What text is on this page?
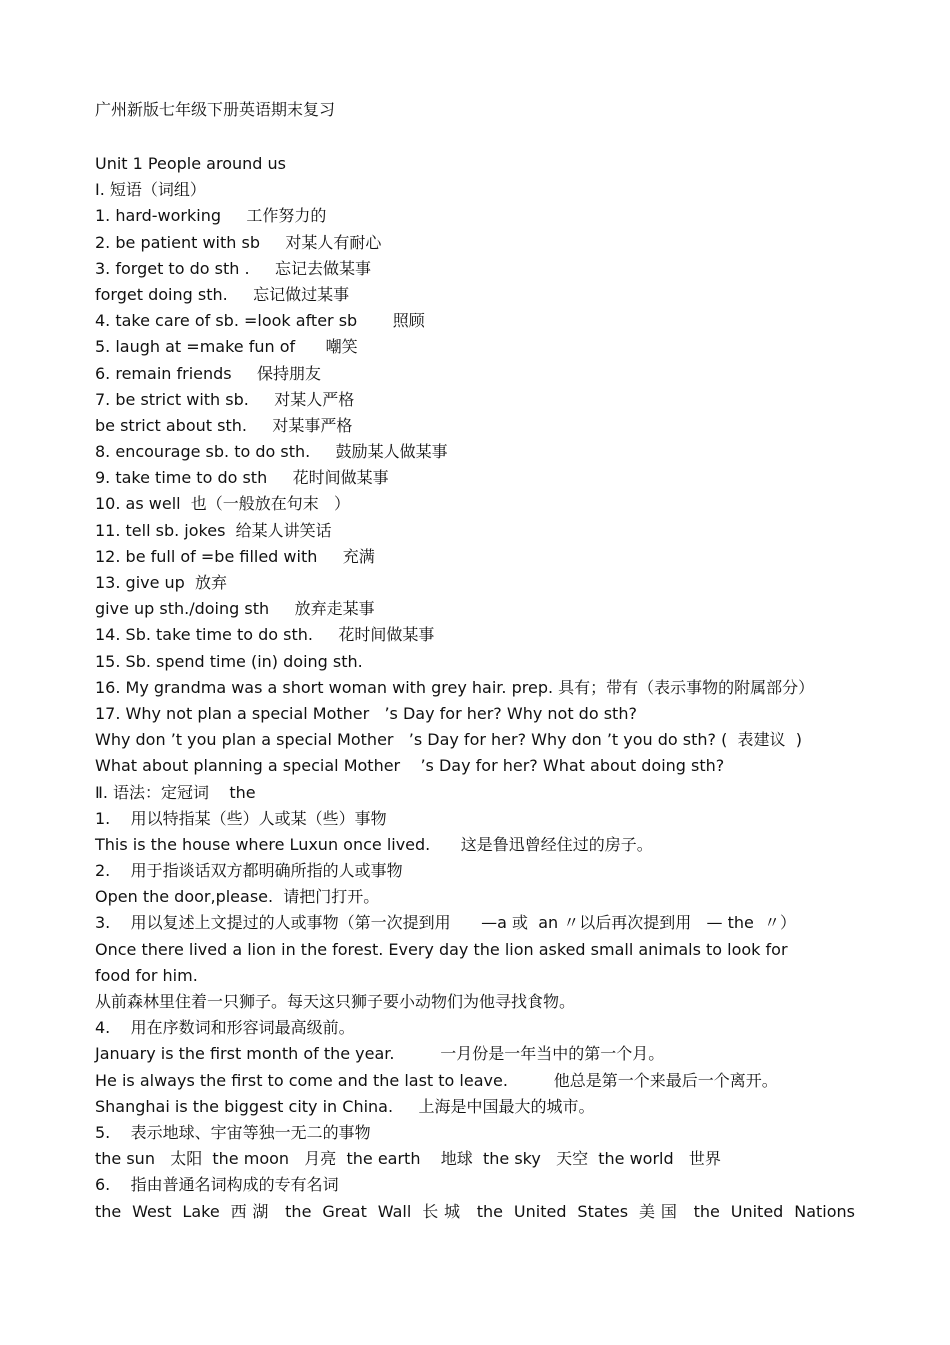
广州新版七年级下册英语期末复习
Unit 1 People around us
Ⅰ. 短语（词组）
1. hard-working     工作努力的
2. be patient with sb     对某人有耐心
3. forget to do sth .     忘记去做某事
forget doing sth.     忘记做过某事
4. take care of sb. =look after sb       照顾
5. laugh at =make fun of      嘲笑
6. remain friends     保持朋友
7. be strict with sb.     对某人严格
be strict about sth.     对某事严格
8. encourage sb. to do sth.     鼓励某人做某事
9. take time to do sth     花时间做某事
10. as well  也（一般放在句末   ）
11. tell sb. jokes  给某人讲笑话
12. be full of =be filled with     充满
13. give up  放弃
give up sth./doing sth     放弃走某事
14. Sb. take time to do sth.     花时间做某事
15. Sb. spend time (in) doing sth.
16. My grandma was a short woman with grey hair. prep. 具有；带有（表示事物的附属部分）
17. Why not plan a special Mother   ’s Day for her? Why not do sth?
Why don ’t you plan a special Mother   ’s Day for her? Why don ’t you do sth? (  表建议  )
What about planning a special Mother    ’s Day for her? What about doing sth?
Ⅱ. 语法：定冠词    the
1.    用以特指某（些）人或某（些）事物
This is the house where Luxun once lived.      这是鲁迅曾经住过的房子。
2.    用于指谈话双方都明确所指的人或事物
Open the door,please.  请把门打开。
3.    用以复述上文提过的人或事物（第一次提到用      —a 或  an 〃以后再次提到用   — the  〃）
Once there lived a lion in the forest. Every day the lion asked small animals to look for
food for him.
从前森林里住着一只狮子。每天这只狮子要小动物们为他寻找食物。
4.    用在序数词和形容词最高级前。
January is the first month of the year.         一月份是一年当中的第一个月。
He is always the first to come and the last to leave.         他总是第一个来最后一个离开。
Shanghai is the biggest city in China.     上海是中国最大的城市。
5.    表示地球、宇宙等独一无二的事物
the sun   太阳  the moon   月亮  the earth    地球  the sky   天空  the world   世界
6.    指由普通名词构成的专有名词
the West Lake 西湖 the Great Wall 长城 the United States 美国 the United Nations
